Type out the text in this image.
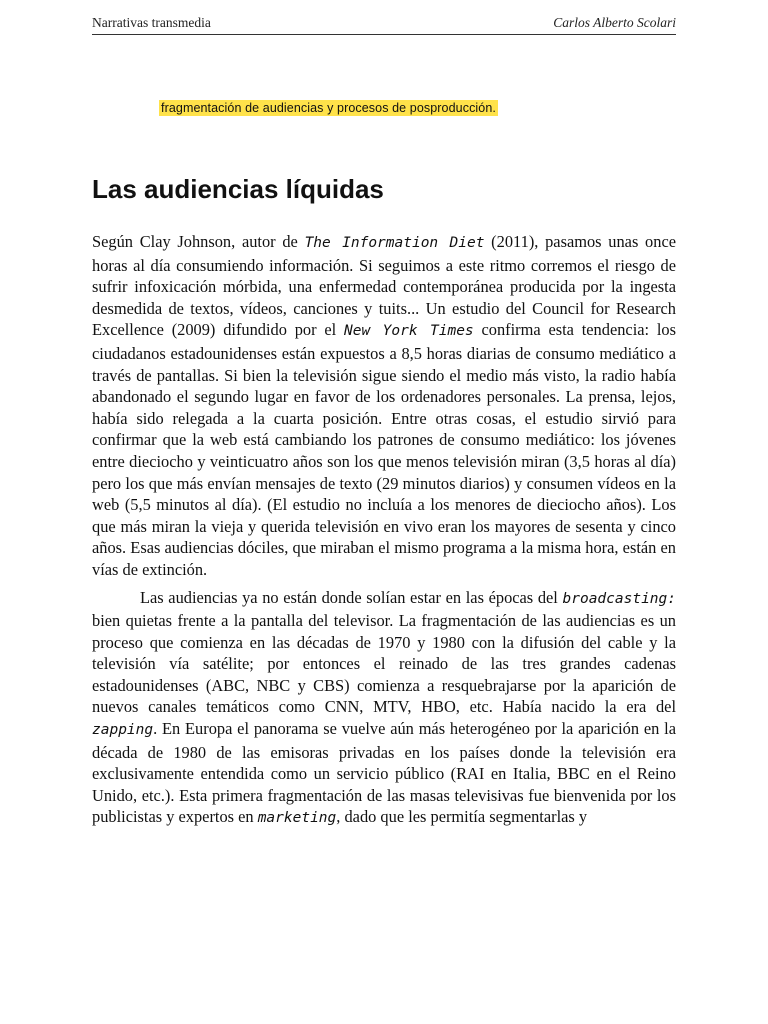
Narrativas transmedia	Carlos Alberto Scolari
fragmentación de audiencias y procesos de posproducción.
Las audiencias líquidas

Según Clay Johnson, autor de The Information Diet (2011), pasamos unas once horas al día consumiendo información. Si seguimos a este ritmo corremos el riesgo de sufrir infoxicación mórbida, una enfermedad contemporánea producida por la ingesta desmedida de textos, vídeos, canciones y tuits... Un estudio del Council for Research Excellence (2009) difundido por el New York Times confirma esta tendencia: los ciudadanos estadounidenses están expuestos a 8,5 horas diarias de consumo mediático a través de pantallas. Si bien la televisión sigue siendo el medio más visto, la radio había abandonado el segundo lugar en favor de los ordenadores personales. La prensa, lejos, había sido relegada a la cuarta posición. Entre otras cosas, el estudio sirvió para confirmar que la web está cambiando los patrones de consumo mediático: los jóvenes entre dieciocho y veinticuatro años son los que menos televisión miran (3,5 horas al día) pero los que más envían mensajes de texto (29 minutos diarios) y consumen vídeos en la web (5,5 minutos al día). (El estudio no incluía a los menores de dieciocho años). Los que más miran la vieja y querida televisión en vivo eran los mayores de sesenta y cinco años. Esas audiencias dóciles, que miraban el mismo programa a la misma hora, están en vías de extinción.

Las audiencias ya no están donde solían estar en las épocas del broadcasting: bien quietas frente a la pantalla del televisor. La fragmentación de las audiencias es un proceso que comienza en las décadas de 1970 y 1980 con la difusión del cable y la televisión vía satélite; por entonces el reinado de las tres grandes cadenas estadounidenses (ABC, NBC y CBS) comienza a resquebrajarse por la aparición de nuevos canales temáticos como CNN, MTV, HBO, etc. Había nacido la era del zapping. En Europa el panorama se vuelve aún más heterogéneo por la aparición en la década de 1980 de las emisoras privadas en los países donde la televisión era exclusivamente entendida como un servicio público (RAI en Italia, BBC en el Reino Unido, etc.). Esta primera fragmentación de las masas televisivas fue bienvenida por los publicistas y expertos en marketing, dado que les permitía segmentarlas y
